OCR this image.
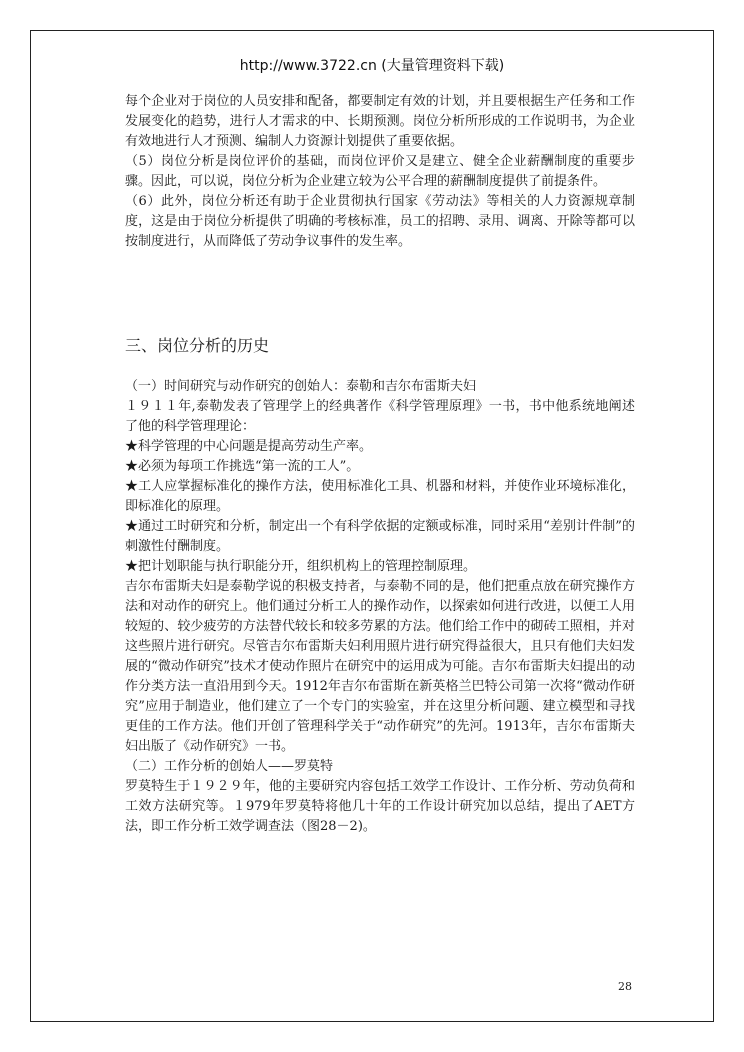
http://www.3722.cn (大量管理资料下载)

每个企业对于岗位的人员安排和配备，都要制定有效的计划，并且要根据生产任务和工作发展变化的趋势，进行人才需求的中、长期预测。岗位分析所形成的工作说明书，为企业有效地进行人才预测、编制人力资源计划提供了重要依据。

（5）岗位分析是岗位评价的基础，而岗位评价又是建立、健全企业薪酬制度的重要步骤。因此，可以说，岗位分析为企业建立较为公平合理的薪酬制度提供了前提条件。

（6）此外，岗位分析还有助于企业贯彻执行国家《劳动法》等相关的人力资源规章制度，这是由于岗位分析提供了明确的考核标准，员工的招聘、录用、调离、开除等都可以按制度进行，从而降低了劳动争议事件的发生率。

三、岗位分析的历史

（一）时间研究与动作研究的创始人：泰勒和吉尔布雷斯夫妇

１９１１年,泰勒发表了管理学上的经典著作《科学管理原理》一书，书中他系统地阐述了他的科学管理理论：

★科学管理的中心问题是提高劳动生产率。

★必须为每项工作挑选“第一流的工人”。

★工人应掌握标准化的操作方法，使用标准化工具、机器和材料，并使作业环境标准化，即标准化的原理。

★通过工时研究和分析，制定出一个有科学依据的定额或标准，同时采用“差别计件制”的刺激性付酬制度。

★把计划职能与执行职能分开，组织机构上的管理控制原理。

吉尔布雷斯夫妇是泰勒学说的积极支持者，与泰勒不同的是，他们把重点放在研究操作方法和对动作的研究上。他们通过分析工人的操作动作，以探索如何进行改进，以便工人用较短的、较少疲劳的方法替代较长和较多劳累的方法。他们给工作中的砌砖工照相，并对这些照片进行研究。尽管吉尔布雷斯夫妇利用照片进行研究得益很大，且只有他们夫妇发展的“微动作研究”技术才使动作照片在研究中的运用成为可能。吉尔布雷斯夫妇提出的动作分类方法一直沿用到今天。1912年吉尔布雷斯在新英格兰巴特公司第一次将“微动作研究”应用于制造业，他们建立了一个专门的实验室，并在这里分析问题、建立模型和寻找更佳的工作方法。他们开创了管理科学关于“动作研究”的先河。1913年，吉尔布雷斯夫妇出版了《动作研究》一书。

（二）工作分析的创始人——罗莫特

罗莫特生于１９２９年，他的主要研究内容包括工效学工作设计、工作分析、劳动负荷和工效方法研究等。１979年罗莫特将他几十年的工作设计研究加以总结，提出了AET方法，即工作分析工效学调查法（图28－2)。

28
